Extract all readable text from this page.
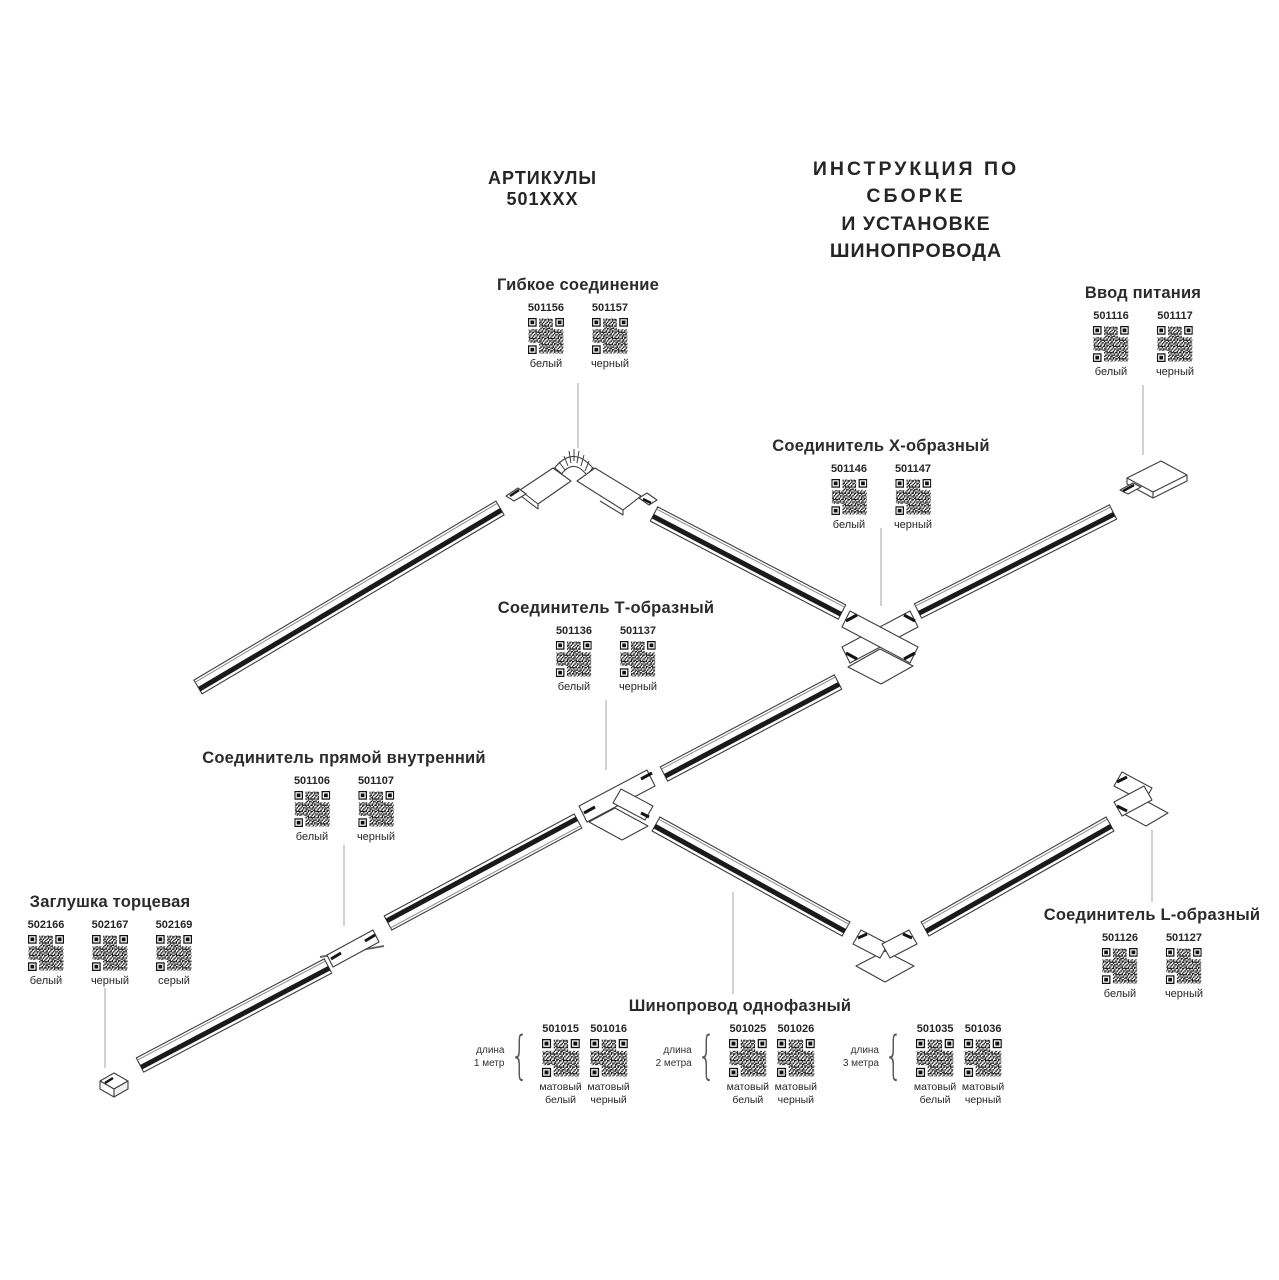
АРТИКУЛЫ 501XXX
ИНСТРУКЦИЯ ПО СБОРКЕ
И УСТАНОВКЕ ШИНОПРОВОДА
Гибкое соединение
501156
белый
501157
черный
Ввод питания
501116
белый
501117
черный
Соединитель X-образный
501146
белый
501147
черный
Соединитель Т-образный
501136
белый
501137
черный
Соединитель прямой внутренний
501106
белый
501107
черный
Заглушка торцевая
502166
белый
502167
черный
502169
серый
Соединитель L-образный
501126
белый
501127
черный
Шинопровод однофазный
длина
1 метр { 501015
матовый белый
501016
матовый черный
длина
2 метра { 501025
матовый белый
501026
матовый черный
длина
3 метра { 501035
матовый белый
501036
матовый черный
